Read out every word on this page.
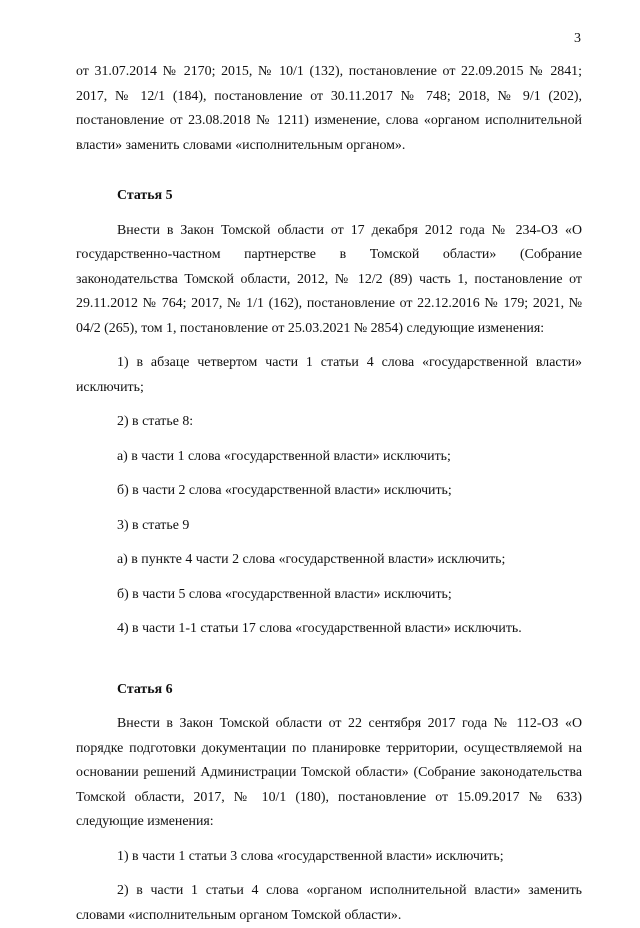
3

от 31.07.2014 № 2170; 2015, № 10/1 (132), постановление от 22.09.2015 № 2841; 2017, № 12/1 (184), постановление от 30.11.2017 № 748; 2018, № 9/1 (202), постановление от 23.08.2018 № 1211) изменение, слова «органом исполнительной власти» заменить словами «исполнительным органом».

Статья 5

Внести в Закон Томской области от 17 декабря 2012 года № 234-ОЗ «О государственно-частном партнерстве в Томской области» (Собрание законодательства Томской области, 2012, № 12/2 (89) часть 1, постановление от 29.11.2012 № 764; 2017, № 1/1 (162), постановление от 22.12.2016 № 179; 2021, № 04/2 (265), том 1, постановление от 25.03.2021 № 2854) следующие изменения:

1) в абзаце четвертом части 1 статьи 4 слова «государственной власти» исключить;

2) в статье 8:

а) в части 1 слова «государственной власти» исключить;

б) в части 2 слова «государственной власти» исключить;

3) в статье 9

а) в пункте 4 части 2 слова «государственной власти» исключить;

б) в части 5 слова «государственной власти» исключить;

4) в части 1-1 статьи 17 слова «государственной власти» исключить.

Статья 6

Внести в Закон Томской области от 22 сентября 2017 года № 112-ОЗ «О порядке подготовки документации по планировке территории, осуществляемой на основании решений Администрации Томской области» (Собрание законодательства Томской области, 2017, № 10/1 (180), постановление от 15.09.2017 № 633) следующие изменения:

1) в части 1 статьи 3 слова «государственной власти» исключить;

2) в части 1 статьи 4 слова «органом исполнительной власти» заменить словами «исполнительным органом Томской области».
